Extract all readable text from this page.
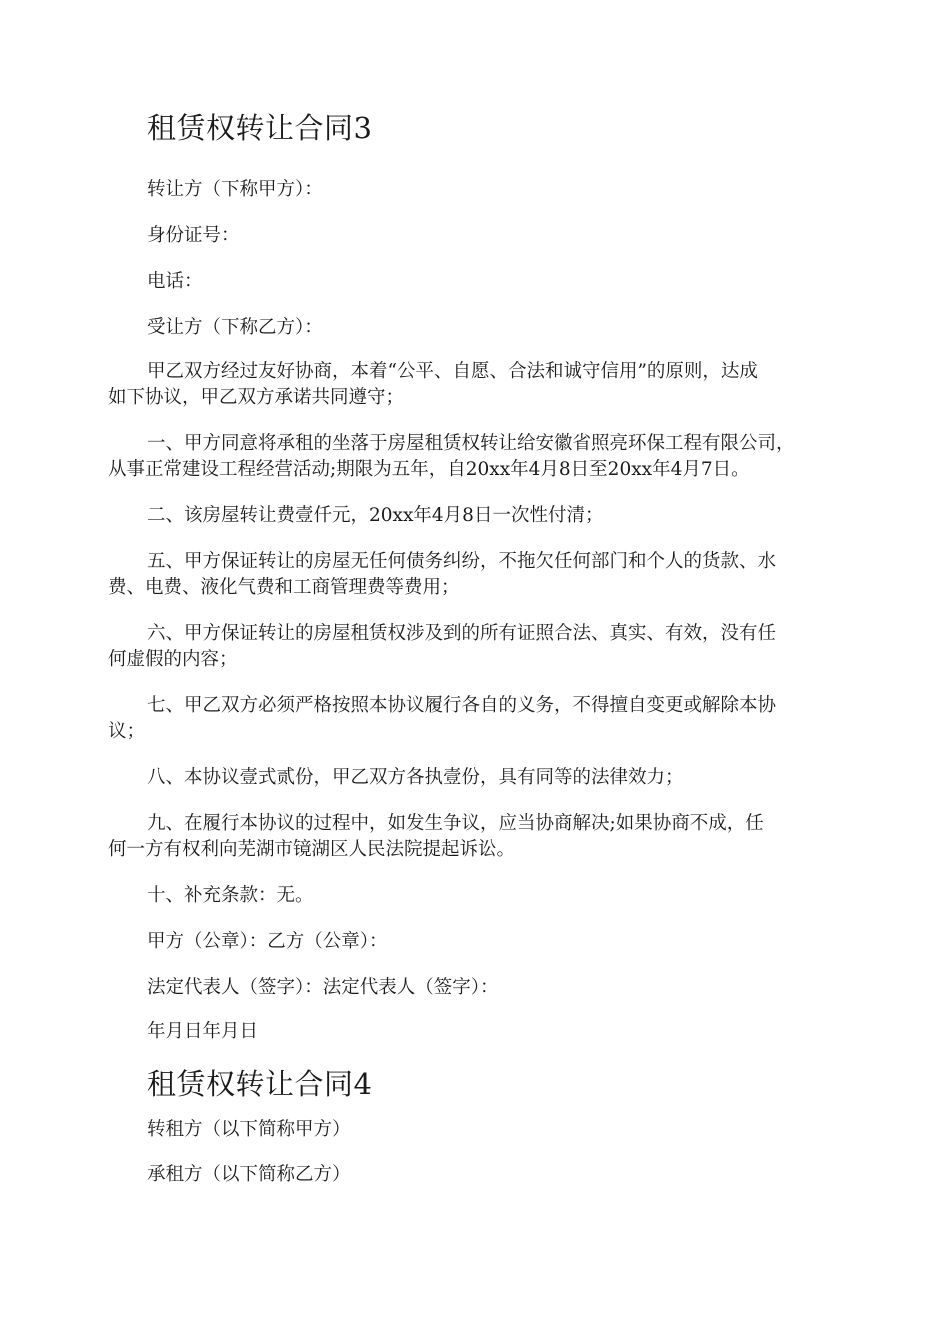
租赁权转让合同3
转让方（下称甲方）：
身份证号：
电话：
受让方（下称乙方）：
甲乙双方经过友好协商，本着“公平、自愿、合法和诚守信用”的原则，达成
如下协议，甲乙双方承诺共同遵守；
一、甲方同意将承租的坐落于房屋租赁权转让给安徽省照亮环保工程有限公司，
从事正常建设工程经营活动;期限为五年，自20xx年4月8日至20xx年4月7日。
二、该房屋转让费壹仟元，20xx年4月8日一次性付清；
五、甲方保证转让的房屋无任何债务纠纷，不拖欠任何部门和个人的货款、水
费、电费、液化气费和工商管理费等费用；
六、甲方保证转让的房屋租赁权涉及到的所有证照合法、真实、有效，没有任
何虚假的内容；
七、甲乙双方必须严格按照本协议履行各自的义务，不得擅自变更或解除本协
议；
八、本协议壹式贰份，甲乙双方各执壹份，具有同等的法律效力；
九、在履行本协议的过程中，如发生争议，应当协商解决;如果协商不成，任
何一方有权利向芜湖市镜湖区人民法院提起诉讼。
十、补充条款：无。
甲方（公章）：乙方（公章）：
法定代表人（签字）：法定代表人（签字）：
年月日年月日
租赁权转让合同4
转租方（以下简称甲方）
承租方（以下简称乙方）
